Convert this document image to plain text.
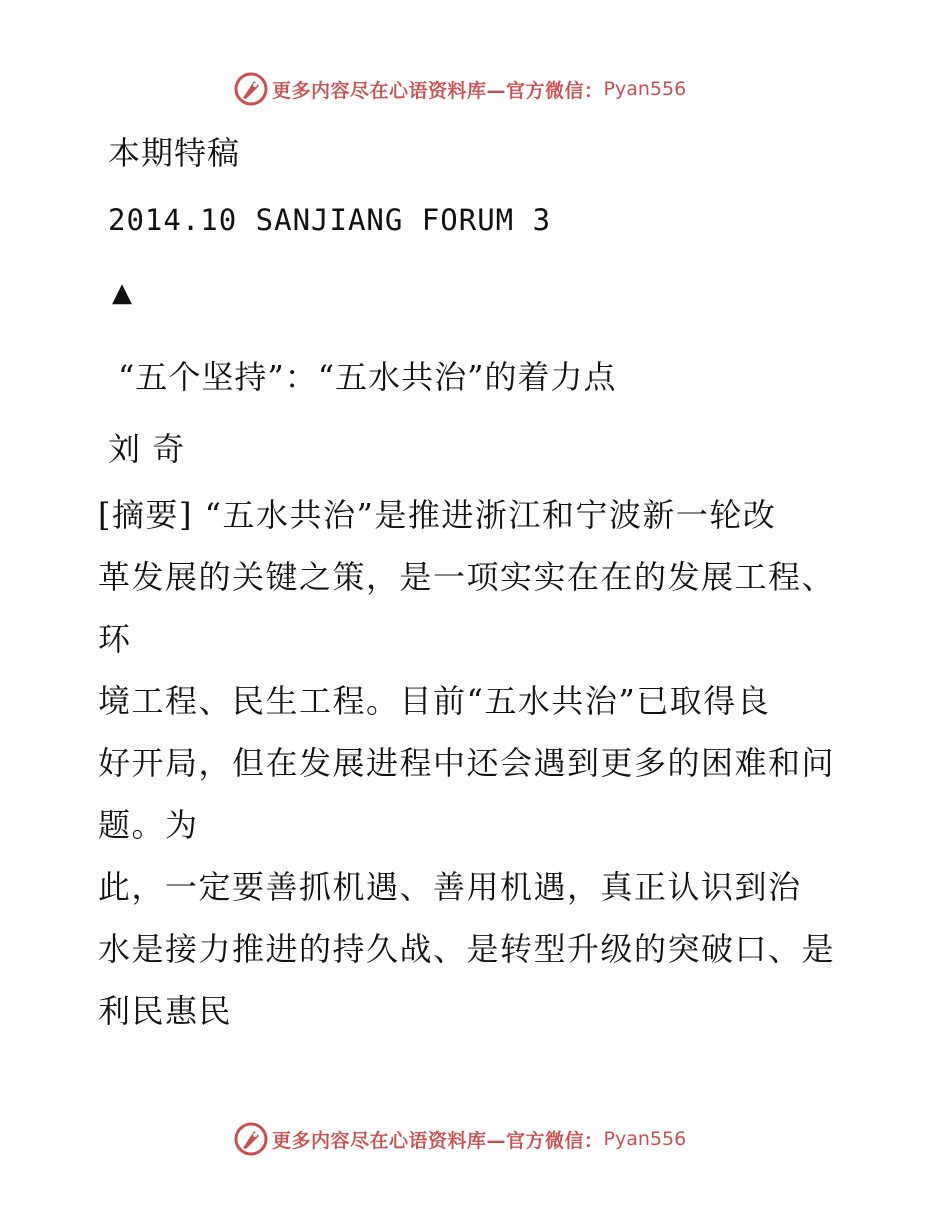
更多内容尽在心语资料库—官方微信： Pyan556
本期特稿
2014.10 SANJIANG FORUM 3
▲
“五个坚持”：“五水共治”的着力点
刘 奇
[摘要] “五水共治”是推进浙江和宁波新一轮改
革发展的关键之策，是一项实实在在的发展工程、
环
境工程、民生工程。目前“五水共治”已取得良
好开局，但在发展进程中还会遇到更多的困难和问
题。为
此，一定要善抓机遇、善用机遇，真正认识到治
水是接力推进的持久战、是转型升级的突破口、是
利民惠民
更多内容尽在心语资料库—官方微信： Pyan556
